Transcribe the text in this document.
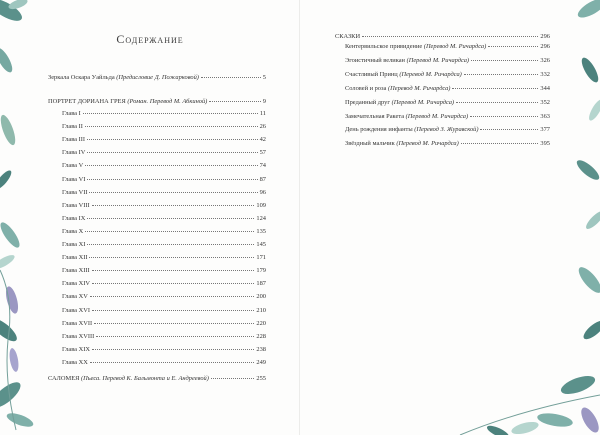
Содержание
Зеркала Оскара Уайльда (Предисловие Д. Пожарковой)	5
ПОРТРЕТ ДОРИАНА ГРЕЯ (Роман. Перевод М. Абкиной)	9
Глава I	11
Глава II	26
Глава III	42
Глава IV	57
Глава V	74
Глава VI	87
Глава VII	96
Глава VIII	109
Глава IX	124
Глава X	135
Глава XI	145
Глава XII	171
Глава XIII	179
Глава XIV	187
Глава XV	200
Глава XVI	210
Глава XVII	220
Глава XVIII	228
Глава XIX	238
Глава XX	249
САЛОМЕЯ (Пьеса. Перевод К. Бальмонта и Е. Андреевой)	255
СКАЗКИ	296
Кентервильское привидение (Перевод М. Ричардса)	296
Эгоистичный великан (Перевод М. Ричардса)	326
Счастливый Принц (Перевод М. Ричардса)	332
Соловей и роза (Перевод М. Ричардса)	344
Преданный друг (Перевод М. Ричардса)	352
Замечательная Ракета (Перевод М. Ричардса)	363
День рождения инфанты (Перевод З. Журавской)	377
Звёздный мальчик (Перевод М. Ричардса)	395
